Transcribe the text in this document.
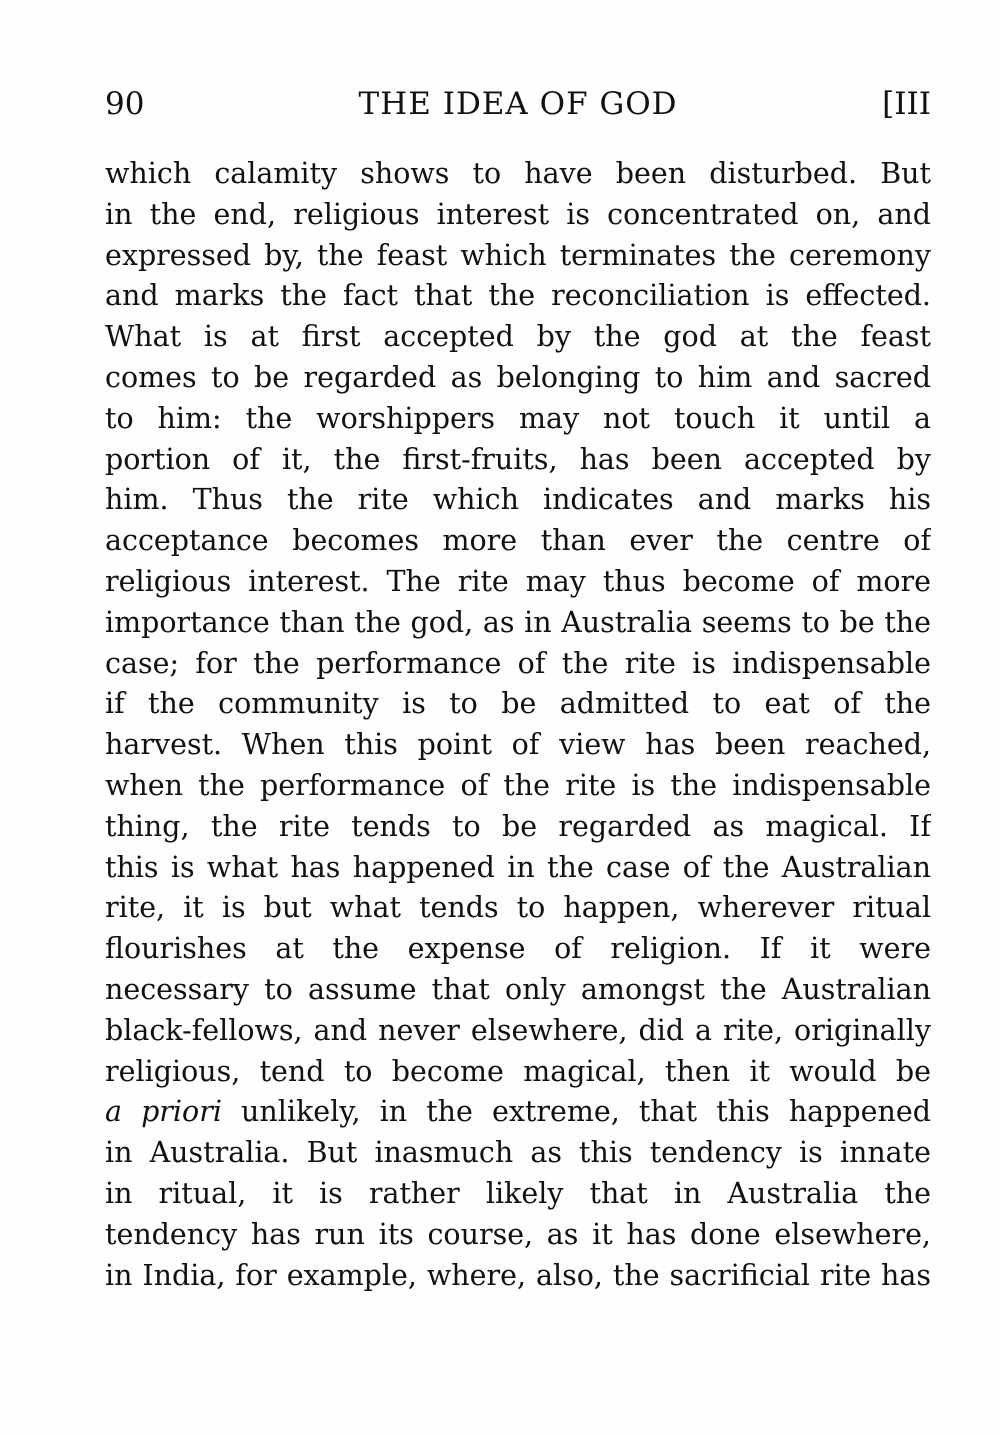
90	THE IDEA OF GOD	[III
which calamity shows to have been disturbed. But
in the end, religious interest is concentrated on, and
expressed by, the feast which terminates the ceremony
and marks the fact that the reconciliation is effected.
What is at first accepted by the god at the feast
comes to be regarded as belonging to him and sacred
to him: the worshippers may not touch it until a
portion of it, the first-fruits, has been accepted by
him. Thus the rite which indicates and marks his
acceptance becomes more than ever the centre of
religious interest. The rite may thus become of more
importance than the god, as in Australia seems to be the
case; for the performance of the rite is indispensable
if the community is to be admitted to eat of the
harvest. When this point of view has been reached,
when the performance of the rite is the indispensable
thing, the rite tends to be regarded as magical. If
this is what has happened in the case of the Australian
rite, it is but what tends to happen, wherever ritual
flourishes at the expense of religion. If it were
necessary to assume that only amongst the Australian
black-fellows, and never elsewhere, did a rite, originally
religious, tend to become magical, then it would be
a priori unlikely, in the extreme, that this happened
in Australia. But inasmuch as this tendency is innate
in ritual, it is rather likely that in Australia the
tendency has run its course, as it has done elsewhere,
in India, for example, where, also, the sacrificial rite has
